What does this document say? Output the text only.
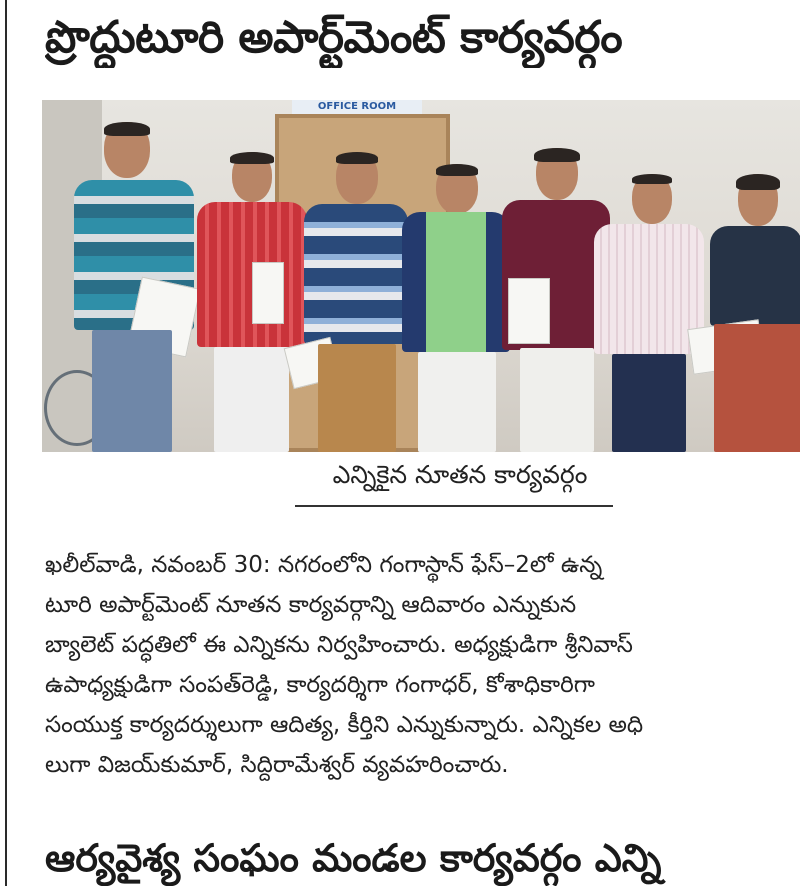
ప్రొద్దుటూరి అపార్ట్‌మెంట్ కార్యవర్గం
OFFICE ROOM
ఎన్నికైన నూతన కార్యవర్గం
ఖలీల్‌వాడి, నవంబర్ 30: నగరంలోని గంగాస్థాన్ ఫేస్–2లో ఉన్న
టూరి అపార్ట్‌మెంట్ నూతన కార్యవర్గాన్ని ఆదివారం ఎన్నుకున
బ్యాలెట్ పద్ధతిలో ఈ ఎన్నికను నిర్వహించారు. అధ్యక్షుడిగా శ్రీనివాస్
ఉపాధ్యక్షుడిగా సంపత్‌రెడ్డి, కార్యదర్శిగా గంగాధర్, కోశాధికారిగా
సంయుక్త కార్యదర్శులుగా ఆదిత్య, కీర్తిని ఎన్నుకున్నారు. ఎన్నికల అధి
లుగా విజయ్‌కుమార్, సిద్దిరామేశ్వర్ వ్యవహరించారు.
ఆర్యవైశ్య సంఘం మండల కార్యవర్గం ఎన్ని
